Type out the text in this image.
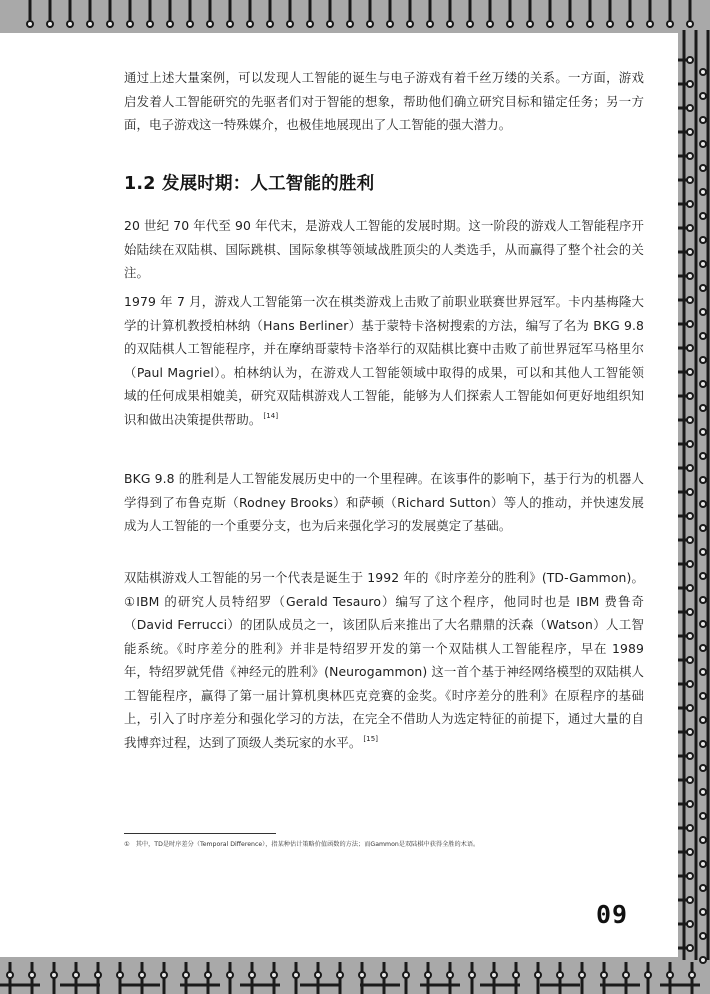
通过上述大量案例，可以发现人工智能的诞生与电子游戏有着千丝万缕的关系。一方面，游戏启发着人工智能研究的先驱者们对于智能的想象，帮助他们确立研究目标和锚定任务；另一方面，电子游戏这一特殊媒介，也极佳地展现出了人工智能的强大潜力。

1.2 发展时期：人工智能的胜利

20 世纪 70 年代至 90 年代末，是游戏人工智能的发展时期。这一阶段的游戏人工智能程序开始陆续在双陆棋、国际跳棋、国际象棋等领域战胜顶尖的人类选手，从而赢得了整个社会的关注。

1979 年 7 月，游戏人工智能第一次在棋类游戏上击败了前职业联赛世界冠军。卡内基梅隆大学的计算机教授柏林纳（Hans Berliner）基于蒙特卡洛树搜索的方法，编写了名为 BKG 9.8 的双陆棋人工智能程序，并在摩纳哥蒙特卡洛举行的双陆棋比赛中击败了前世界冠军马格里尔（Paul Magriel）。柏林纳认为，在游戏人工智能领域中取得的成果，可以和其他人工智能领域的任何成果相媲美，研究双陆棋游戏人工智能，能够为人们探索人工智能如何更好地组织知识和做出决策提供帮助。 [14]

BKG 9.8 的胜利是人工智能发展历史中的一个里程碑。在该事件的影响下，基于行为的机器人学得到了布鲁克斯（Rodney Brooks）和萨顿（Richard Sutton）等人的推动，并快速发展成为人工智能的一个重要分支，也为后来强化学习的发展奠定了基础。

双陆棋游戏人工智能的另一个代表是诞生于 1992 年的《时序差分的胜利》(TD-Gammon)。①IBM 的研究人员特绍罗（Gerald Tesauro）编写了这个程序，他同时也是 IBM 费鲁奇（David Ferrucci）的团队成员之一，该团队后来推出了大名鼎鼎的沃森（Watson）人工智能系统。《时序差分的胜利》并非是特绍罗开发的第一个双陆棋人工智能程序，早在 1989 年，特绍罗就凭借《神经元的胜利》(Neurogammon) 这一首个基于神经网络模型的双陆棋人工智能程序，赢得了第一届计算机奥林匹克竞赛的金奖。《时序差分的胜利》在原程序的基础上，引入了时序差分和强化学习的方法，在完全不借助人为选定特征的前提下，通过大量的自我博弈过程，达到了顶级人类玩家的水平。 [15]

①　其中，TD是时序差分（Temporal Difference），指某种估计策略价值函数的方法；而Gammon是双陆棋中获得全胜的术语。

09
